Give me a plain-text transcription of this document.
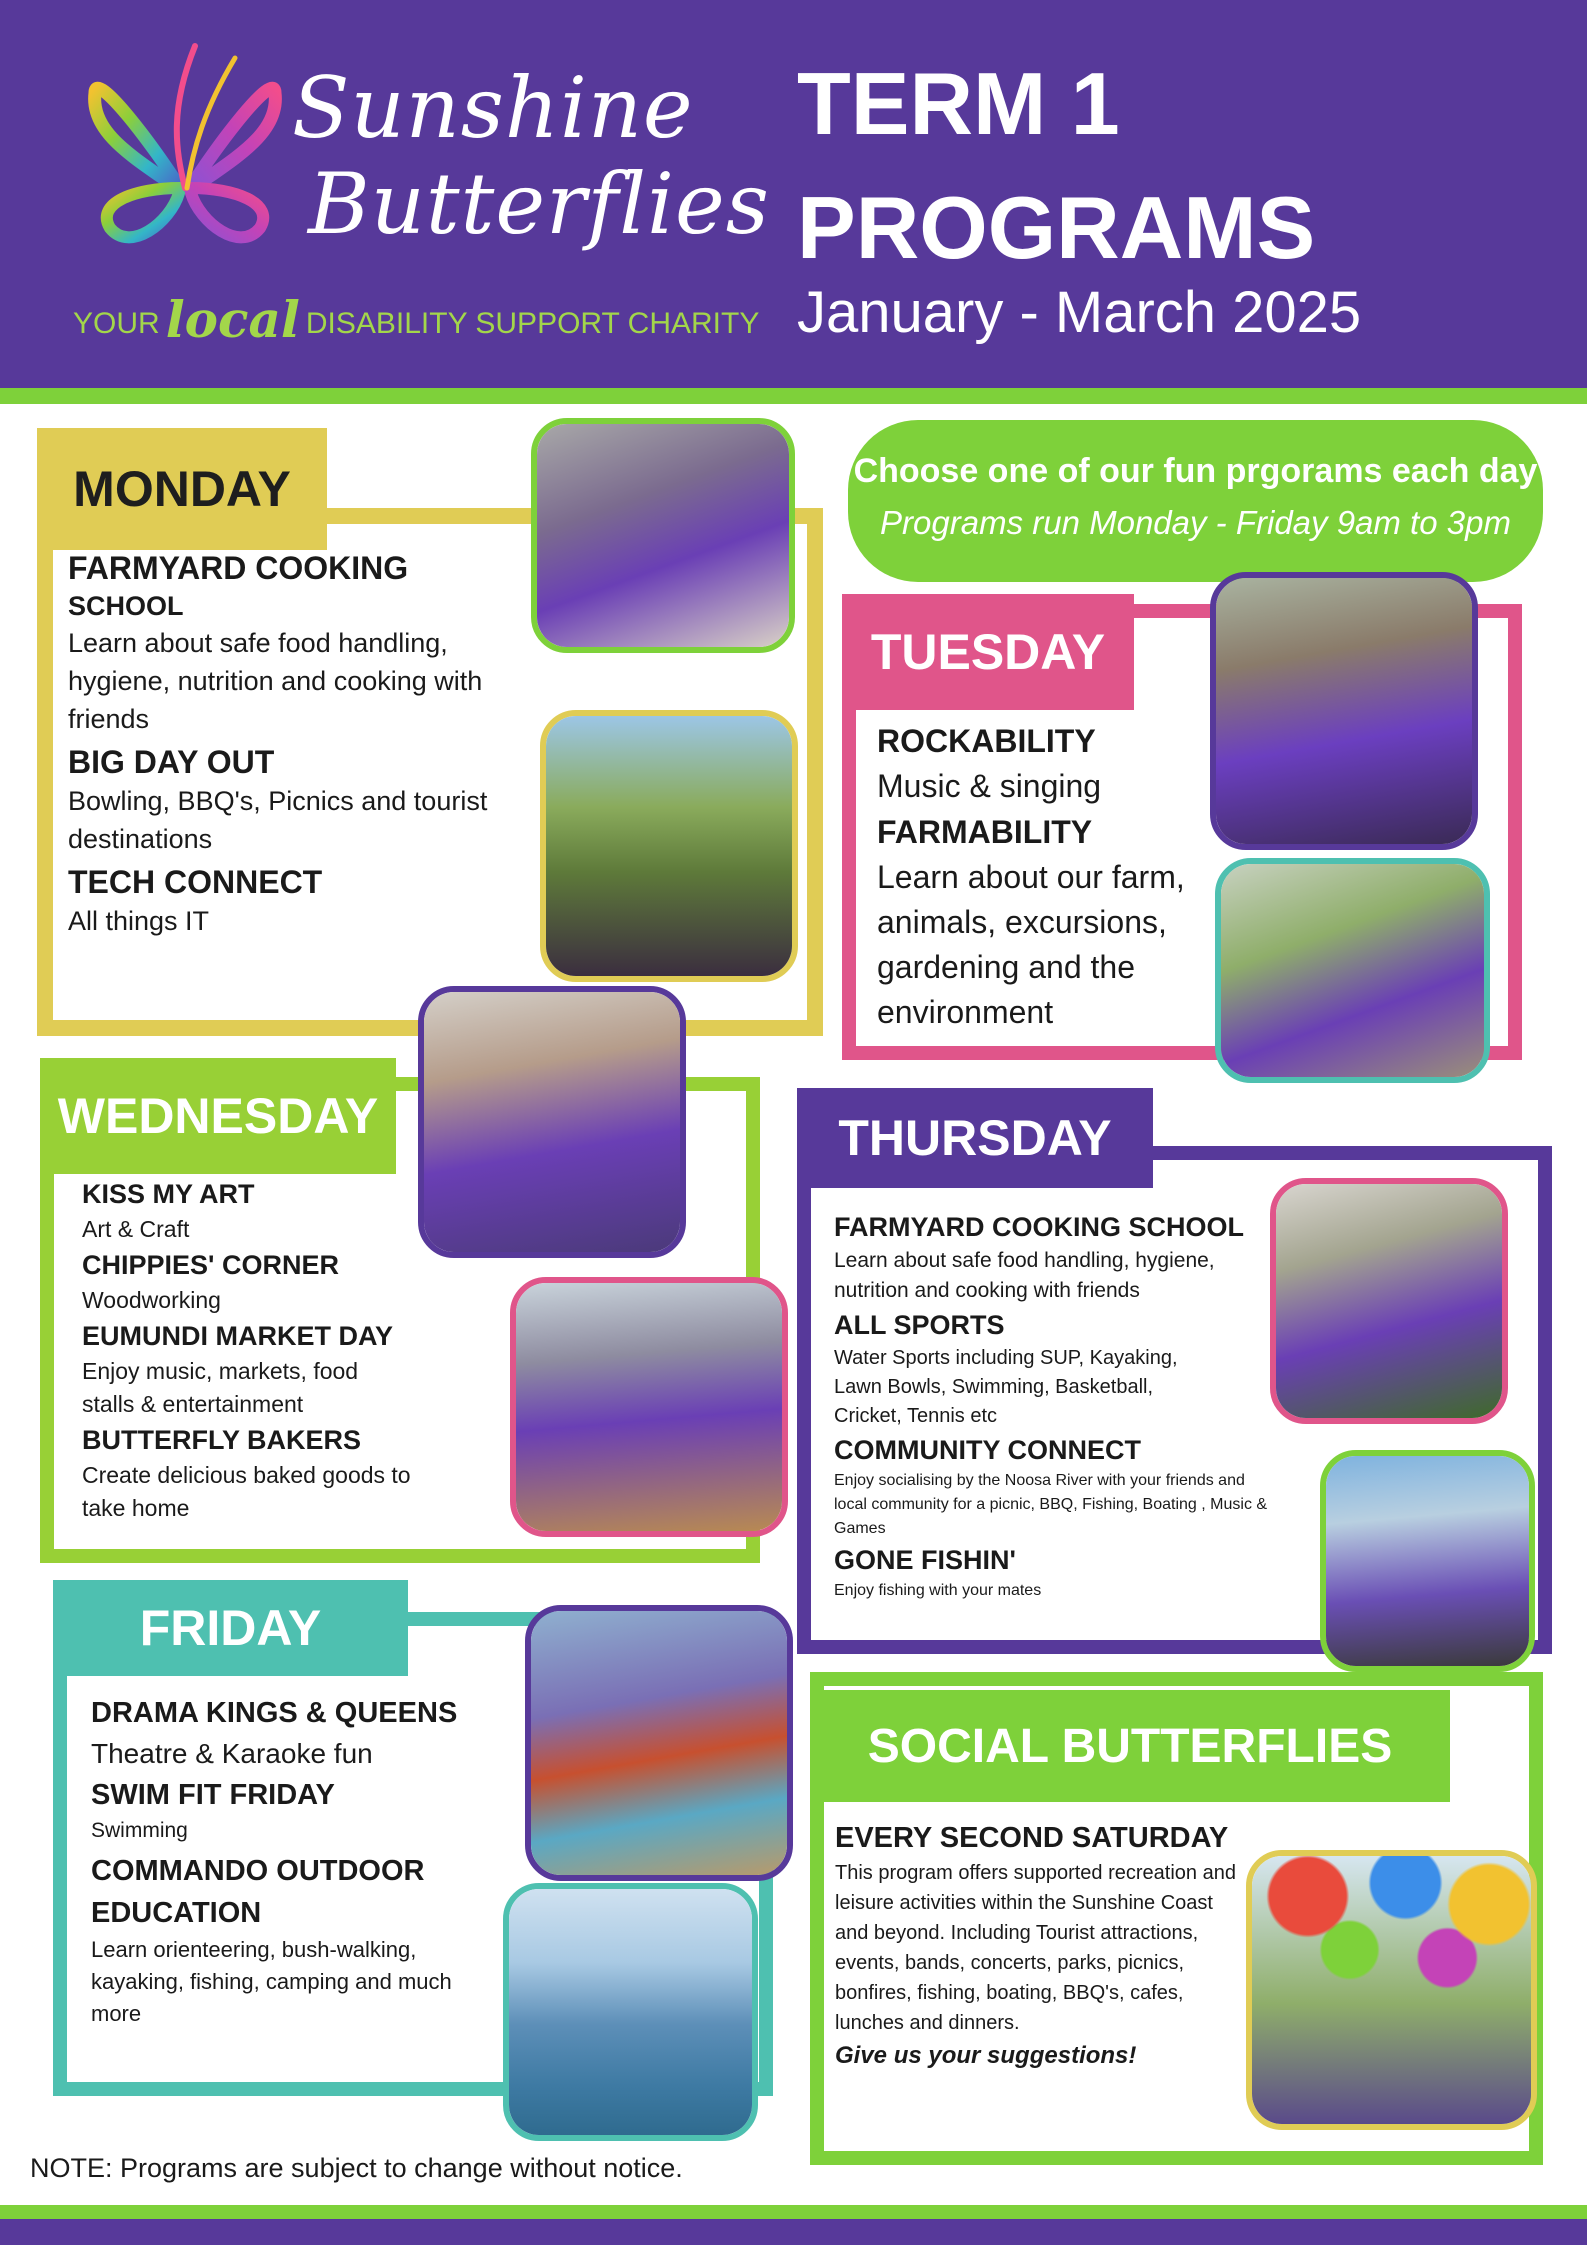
Sunshine
Butterflies
YOUR local DISABILITY SUPPORT CHARITY
TERM 1
PROGRAMS
January - March 2025
Choose one of our fun prgorams each day
Programs run Monday - Friday 9am to 3pm
MONDAY
FARMYARD COOKING
SCHOOL
Learn about safe food handling, hygiene, nutrition and cooking with friends
BIG DAY OUT
Bowling, BBQ's, Picnics and tourist destinations
TECH CONNECT
All things IT
TUESDAY
ROCKABILITY
Music & singing
FARMABILITY
Learn about our farm, animals, excursions, gardening and the environment
WEDNESDAY
KISS MY ART
Art & Craft
CHIPPIES' CORNER
Woodworking
EUMUNDI MARKET DAY
Enjoy music, markets, food stalls & entertainment
BUTTERFLY BAKERS
Create delicious baked goods to take home
THURSDAY
FARMYARD COOKING SCHOOL
Learn about safe food handling, hygiene, nutrition and cooking with friends
ALL SPORTS
Water Sports including SUP, Kayaking, Lawn Bowls, Swimming, Basketball, Cricket, Tennis etc
COMMUNITY CONNECT
Enjoy socialising by the Noosa River with your friends and local community for a picnic, BBQ, Fishing, Boating , Music & Games
GONE FISHIN'
Enjoy fishing with your mates
FRIDAY
DRAMA KINGS & QUEENS
Theatre & Karaoke fun
SWIM FIT FRIDAY
Swimming
COMMANDO OUTDOOR EDUCATION
Learn orienteering, bush-walking, kayaking, fishing, camping and much more
SOCIAL BUTTERFLIES
EVERY SECOND SATURDAY
This program offers supported recreation and leisure activities within the Sunshine Coast and beyond. Including Tourist attractions, events, bands, concerts, parks, picnics, bonfires, fishing, boating, BBQ's, cafes, lunches and dinners.
Give us your suggestions!
NOTE: Programs are subject to change without notice.
